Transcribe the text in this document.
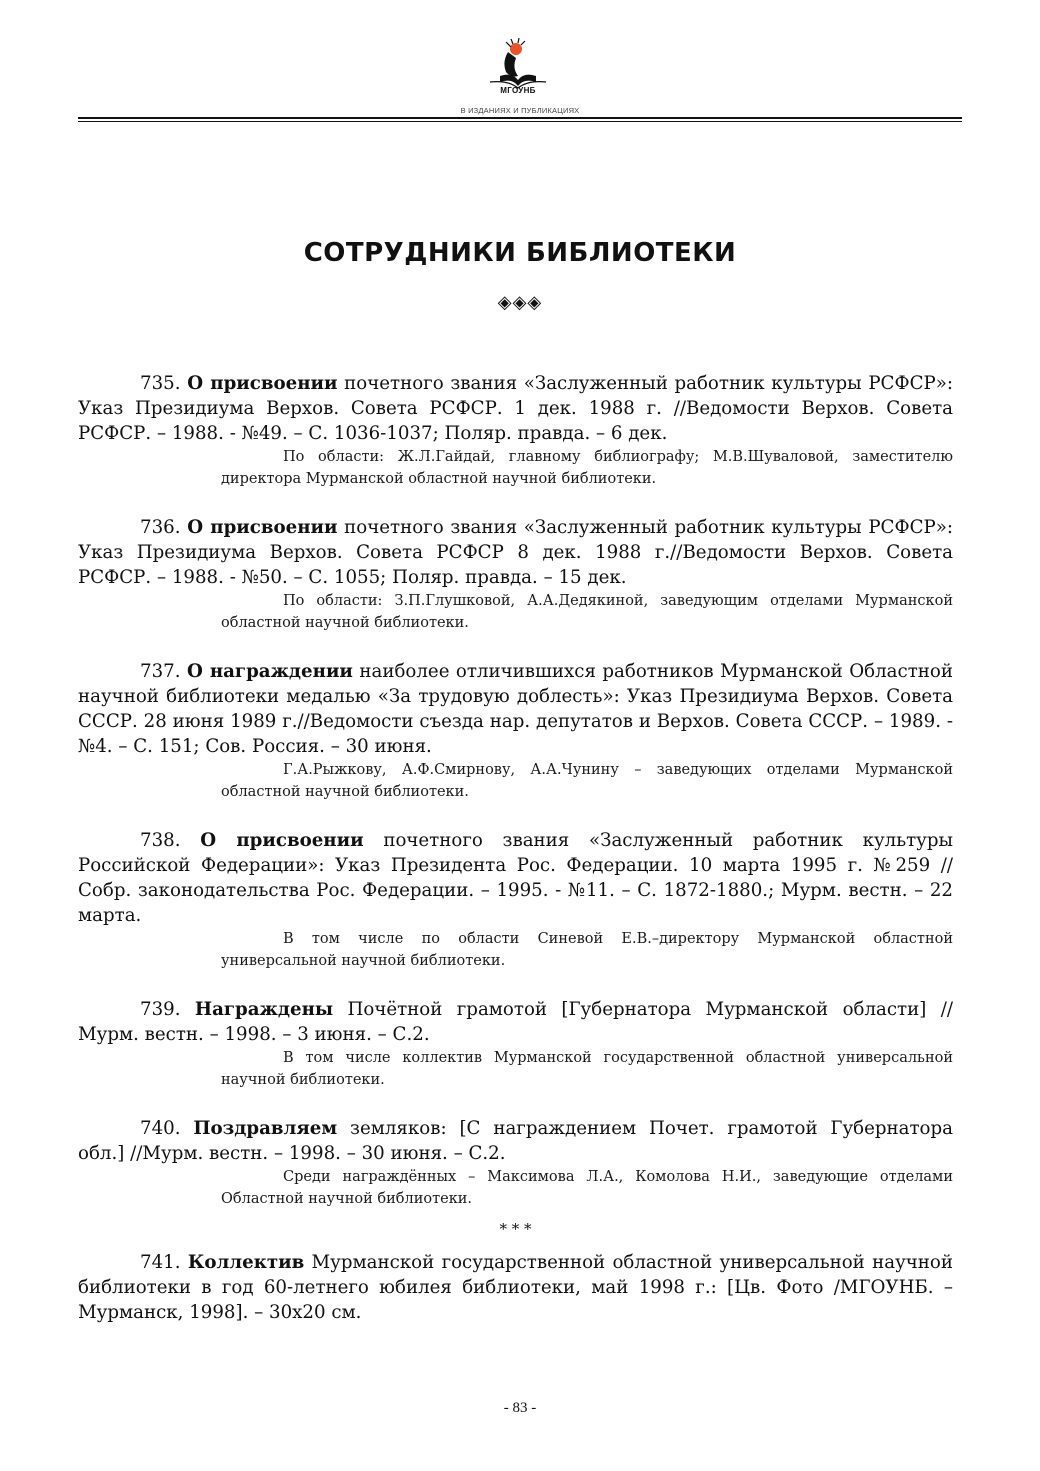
МГОУНБ
В ИЗДАНИЯХ И ПУБЛИКАЦИЯХ
СОТРУДНИКИ БИБЛИОТЕКИ
◈◈◈

735. О присвоении почетного звания «Заслуженный работник культуры РСФСР»: Указ Президиума Верхов. Совета РСФСР. 1 дек. 1988 г. //Ведомости Верхов. Совета РСФСР. – 1988. - №49. – С. 1036-1037; Поляр. правда. – 6 дек.

По области: Ж.Л.Гайдай, главному библиографу; М.В.Шуваловой, заместителю директора Мурманской областной научной библиотеки.

736. О присвоении почетного звания «Заслуженный работник культуры РСФСР»: Указ Президиума Верхов. Совета РСФСР 8 дек. 1988 г.//Ведомости Верхов. Совета РСФСР. – 1988. - №50. – С. 1055; Поляр. правда. – 15 дек.

По области: З.П.Глушковой, А.А.Дедякиной, заведующим отделами Мурманской областной научной библиотеки.

737. О награждении наиболее отличившихся работников Мурманской Областной научной библиотеки медалью «За трудовую доблесть»: Указ Президиума Верхов. Совета СССР. 28 июня 1989 г.//Ведомости съезда нар. депутатов и Верхов. Совета СССР. – 1989. - №4. – С. 151; Сов. Россия. – 30 июня.

Г.А.Рыжкову, А.Ф.Смирнову, А.А.Чунину – заведующих отделами Мурманской областной научной библиотеки.

738. О присвоении почетного звания «Заслуженный работник культуры Российской Федерации»: Указ Президента Рос. Федерации. 10 марта 1995 г. №259 // Собр. законодательства Рос. Федерации. – 1995. - №11. – С. 1872-1880.; Мурм. вестн. – 22 марта.

В том числе по области Синевой Е.В.–директору Мурманской областной универсальной научной библиотеки.

739. Награждены Почётной грамотой [Губернатора Мурманской области] //Мурм. вестн. – 1998. – 3 июня. – С.2.

В том числе коллектив Мурманской государственной областной универсальной научной библиотеки.

740. Поздравляем земляков: [С награждением Почет. грамотой Губернатора обл.] //Мурм. вестн. – 1998. – 30 июня. – С.2.

Среди награждённых – Максимова Л.А., Комолова Н.И., заведующие отделами Областной научной библиотеки.

* * *

741. Коллектив Мурманской государственной областной универсальной научной библиотеки в год 60-летнего юбилея библиотеки, май 1998 г.: [Цв. Фото /МГОУНБ. – Мурманск, 1998]. – 30x20 см.

- 83 -
